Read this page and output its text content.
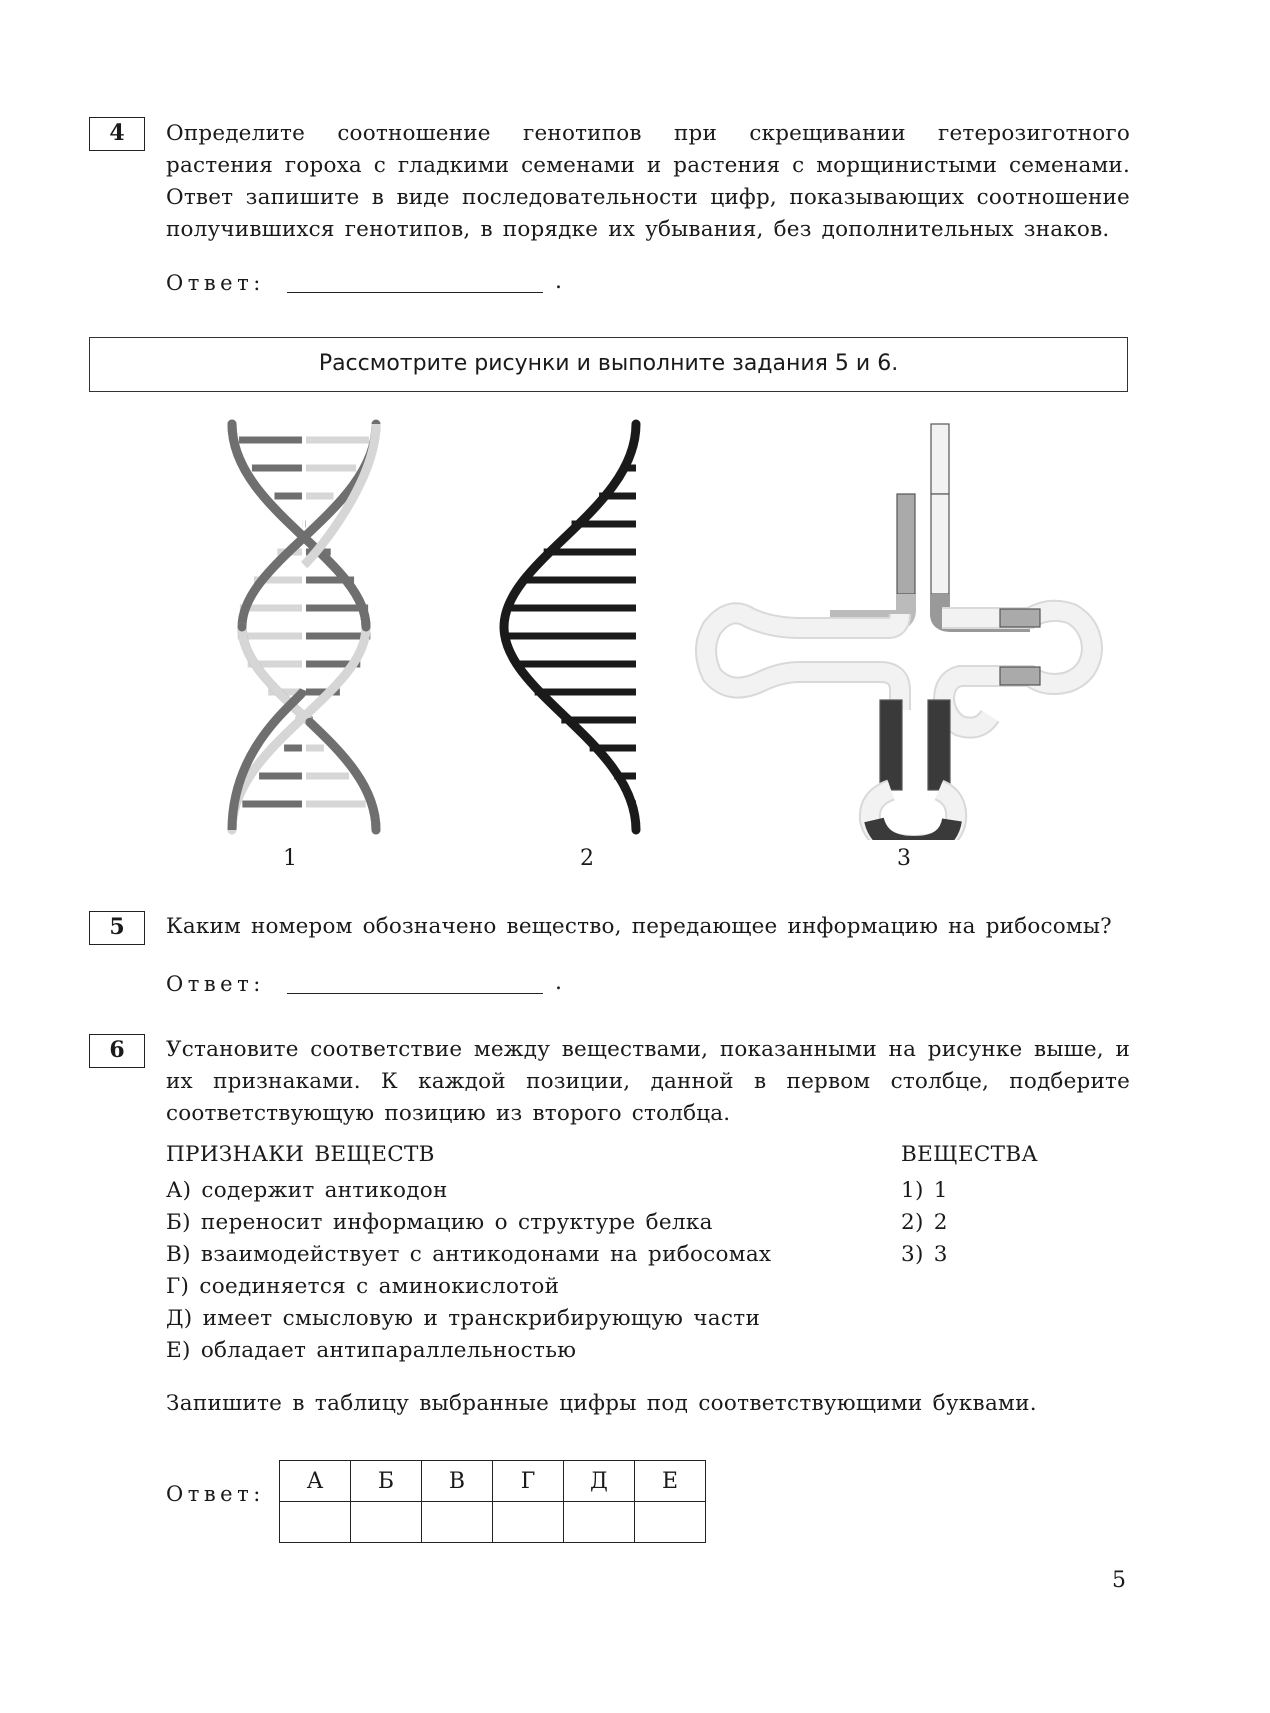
4	Определите соотношение генотипов при скрещивании гетерозиготного растения гороха с гладкими семенами и растения с морщинистыми семенами. Ответ запишите в виде последовательности цифр, показывающих соотношение получившихся генотипов, в порядке их убывания, без дополнительных знаков.
Ответ:	.
Рассмотрите рисунки и выполните задания 5 и 6.
1	2	3
5	Каким номером обозначено вещество, передающее информацию на рибосомы?
Ответ:	.
6	Установите соответствие между веществами, показанными на рисунке выше, и их признаками. К каждой позиции, данной в первом столбце, подберите соответствующую позицию из второго столбца.
ПРИЗНАКИ ВЕЩЕСТВ	ВЕЩЕСТВА
А) содержит антикодон
Б) переносит информацию о структуре белка
В) взаимодействует с антикодонами на рибосомах
Г) соединяется с аминокислотой
Д) имеет смысловую и транскрибирующую части
Е) обладает антипараллельностью
1) 1
2) 2
3) 3
Запишите в таблицу выбранные цифры под соответствующими буквами.
Ответ:
А	Б	В	Г	Д	Е

5
